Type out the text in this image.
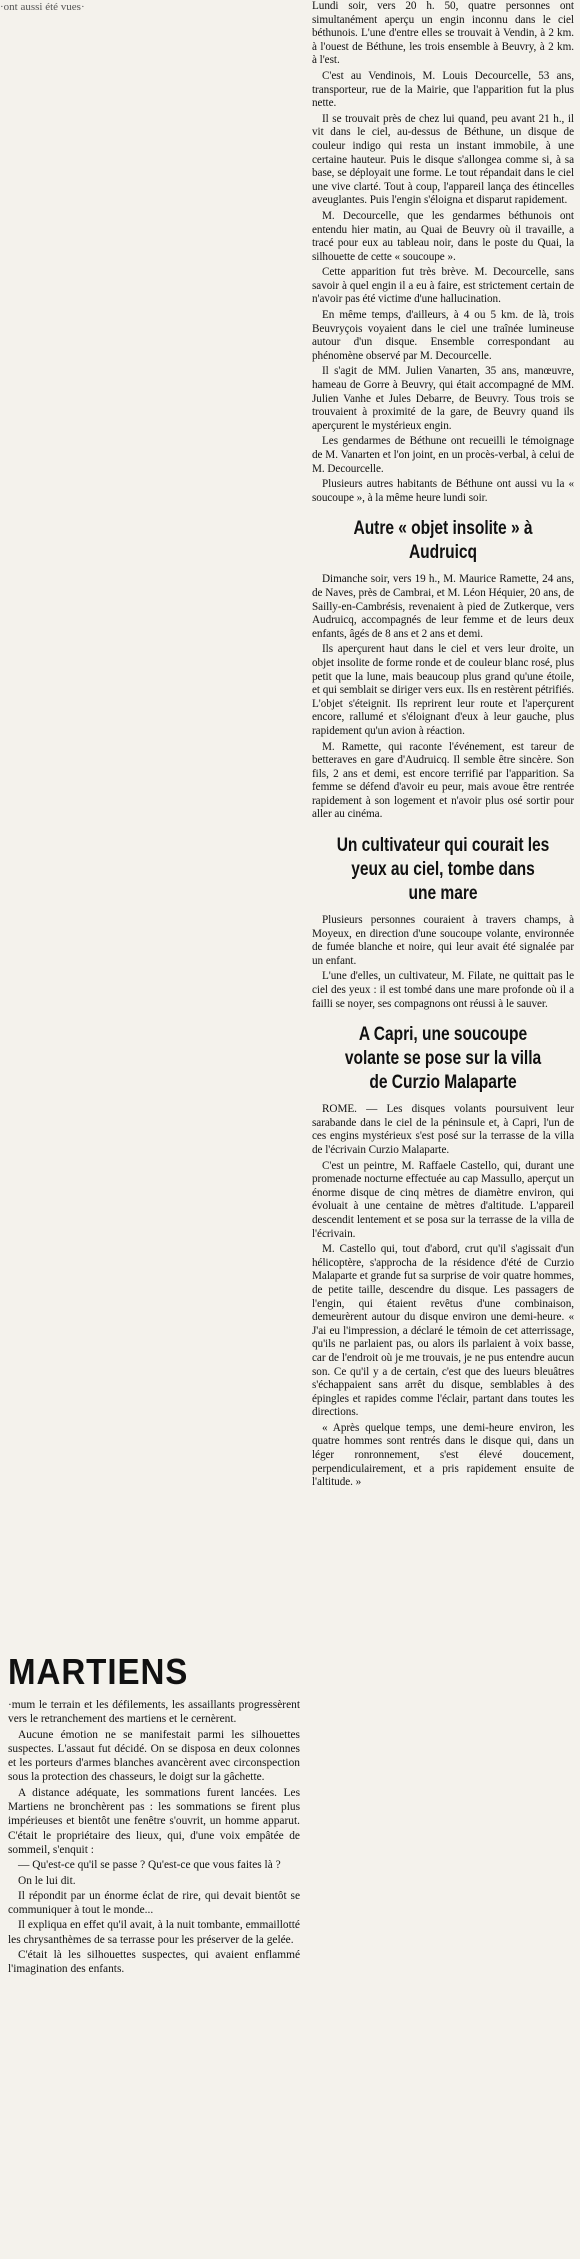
·ont aussi été vues·	Lundi soir, vers 20 h. 50, quatre personnes ont simultanément aperçu un engin inconnu dans le ciel béthunois. L'une d'entre elles se trouvait à Vendin, à 2 km. à l'ouest de Béthune, les trois ensemble à Beuvry, à 2 km. à l'est.

C'est au Vendinois, M. Louis Decourcelle, 53 ans, transporteur, rue de la Mairie, que l'apparition fut la plus nette.

Il se trouvait près de chez lui quand, peu avant 21 h., il vit dans le ciel, au-dessus de Béthune, un disque de couleur indigo qui resta un instant immobile, à une certaine hauteur. Puis le disque s'allongea comme si, à sa base, se déployait une forme. Le tout répandait dans le ciel une vive clarté. Tout à coup, l'appareil lança des étincelles aveuglantes. Puis l'engin s'éloigna et disparut rapidement.

M. Decourcelle, que les gendarmes béthunois ont entendu hier matin, au Quai de Beuvry où il travaille, a tracé pour eux au tableau noir, dans le poste du Quai, la silhouette de cette « soucoupe ».

Cette apparition fut très brève. M. Decourcelle, sans savoir à quel engin il a eu à faire, est strictement certain de n'avoir pas été victime d'une hallucination.

En même temps, d'ailleurs, à 4 ou 5 km. de là, trois Beuvryçois voyaient dans le ciel une traînée lumineuse autour d'un disque. Ensemble correspondant au phénomène observé par M. Decourcelle.

Il s'agit de MM. Julien Vanarten, 35 ans, manœuvre, hameau de Gorre à Beuvry, qui était accompagné de MM. Julien Vanhe et Jules Debarre, de Beuvry. Tous trois se trouvaient à proximité de la gare, de Beuvry quand ils aperçurent le mystérieux engin.

Les gendarmes de Béthune ont recueilli le témoignage de M. Vanarten et l'on joint, en un procès-verbal, à celui de M. Decourcelle.

Plusieurs autres habitants de Béthune ont aussi vu la « soucoupe », à la même heure lundi soir.

Autre « objet insolite » à Audruicq

Dimanche soir, vers 19 h., M. Maurice Ramette, 24 ans, de Naves, près de Cambrai, et M. Léon Héquier, 20 ans, de Sailly-en-Cambrésis, revenaient à pied de Zutkerque, vers Audruicq, accompagnés de leur femme et de leurs deux enfants, âgés de 8 ans et 2 ans et demi.

Ils aperçurent haut dans le ciel et vers leur droite, un objet insolite de forme ronde et de couleur blanc rosé, plus petit que la lune, mais beaucoup plus grand qu'une étoile, et qui semblait se diriger vers eux. Ils en restèrent pétrifiés. L'objet s'éteignit. Ils reprirent leur route et l'aperçurent encore, rallumé et s'éloignant d'eux à leur gauche, plus rapidement qu'un avion à réaction.

M. Ramette, qui raconte l'événement, est tareur de betteraves en gare d'Audruicq. Il semble être sincère. Son fils, 2 ans et demi, est encore terrifié par l'apparition. Sa femme se défend d'avoir eu peur, mais avoue être rentrée rapidement à son logement et n'avoir plus osé sortir pour aller au cinéma.

Un cultivateur qui courait les yeux au ciel, tombe dans une mare

Plusieurs personnes couraient à travers champs, à Moyeux, en direction d'une soucoupe volante, environnée de fumée blanche et noire, qui leur avait été signalée par un enfant.

L'une d'elles, un cultivateur, M. Filate, ne quittait pas le ciel des yeux : il est tombé dans une mare profonde où il a failli se noyer, ses compagnons ont réussi à le sauver.

A Capri, une soucoupe volante se pose sur la villa de Curzio Malaparte

ROME. — Les disques volants poursuivent leur sarabande dans le ciel de la péninsule et, à Capri, l'un de ces engins mystérieux s'est posé sur la terrasse de la villa de l'écrivain Curzio Malaparte.

C'est un peintre, M. Raffaele Castello, qui, durant une promenade nocturne effectuée au cap Massullo, aperçut un énorme disque de cinq mètres de diamètre environ, qui évoluait à une centaine de mètres d'altitude. L'appareil descendit lentement et se posa sur la terrasse de la villa de l'écrivain.

M. Castello qui, tout d'abord, crut qu'il s'agissait d'un hélicoptère, s'approcha de la résidence d'été de Curzio Malaparte et grande fut sa surprise de voir quatre hommes, de petite taille, descendre du disque. Les passagers de l'engin, qui étaient revêtus d'une combinaison, demeurèrent autour du disque environ une demi-heure. « J'ai eu l'impression, a déclaré le témoin de cet atterrissage, qu'ils ne parlaient pas, ou alors ils parlaient à voix basse, car de l'endroit où je me trouvais, je ne pus entendre aucun son. Ce qu'il y a de certain, c'est que des lueurs bleuâtres s'échappaient sans arrêt du disque, semblables à des épingles et rapides comme l'éclair, partant dans toutes les directions.

« Après quelque temps, une demi-heure environ, les quatre hommes sont rentrés dans le disque qui, dans un léger ronronnement, s'est élevé doucement, perpendiculairement, et a pris rapidement ensuite de l'altitude. »

MARTIENS

·mum le terrain et les défilements, les assaillants progressèrent vers le retranchement des martiens et le cernèrent.

Aucune émotion ne se manifestait parmi les silhouettes suspectes. L'assaut fut décidé. On se disposa en deux colonnes et les porteurs d'armes blanches avancèrent avec circonspection sous la protection des chasseurs, le doigt sur la gâchette.

A distance adéquate, les sommations furent lancées. Les Martiens ne bronchèrent pas : les sommations se firent plus impérieuses et bientôt une fenêtre s'ouvrit, un homme apparut. C'était le propriétaire des lieux, qui, d'une voix empâtée de sommeil, s'enquit :

— Qu'est-ce qu'il se passe ? Qu'est-ce que vous faites là ?

On le lui dit.

Il répondit par un énorme éclat de rire, qui devait bientôt se communiquer à tout le monde...

Il expliqua en effet qu'il avait, à la nuit tombante, emmaillotté les chrysanthèmes de sa terrasse pour les préserver de la gelée.

C'était là les silhouettes suspectes, qui avaient enflammé l'imagination des enfants.
